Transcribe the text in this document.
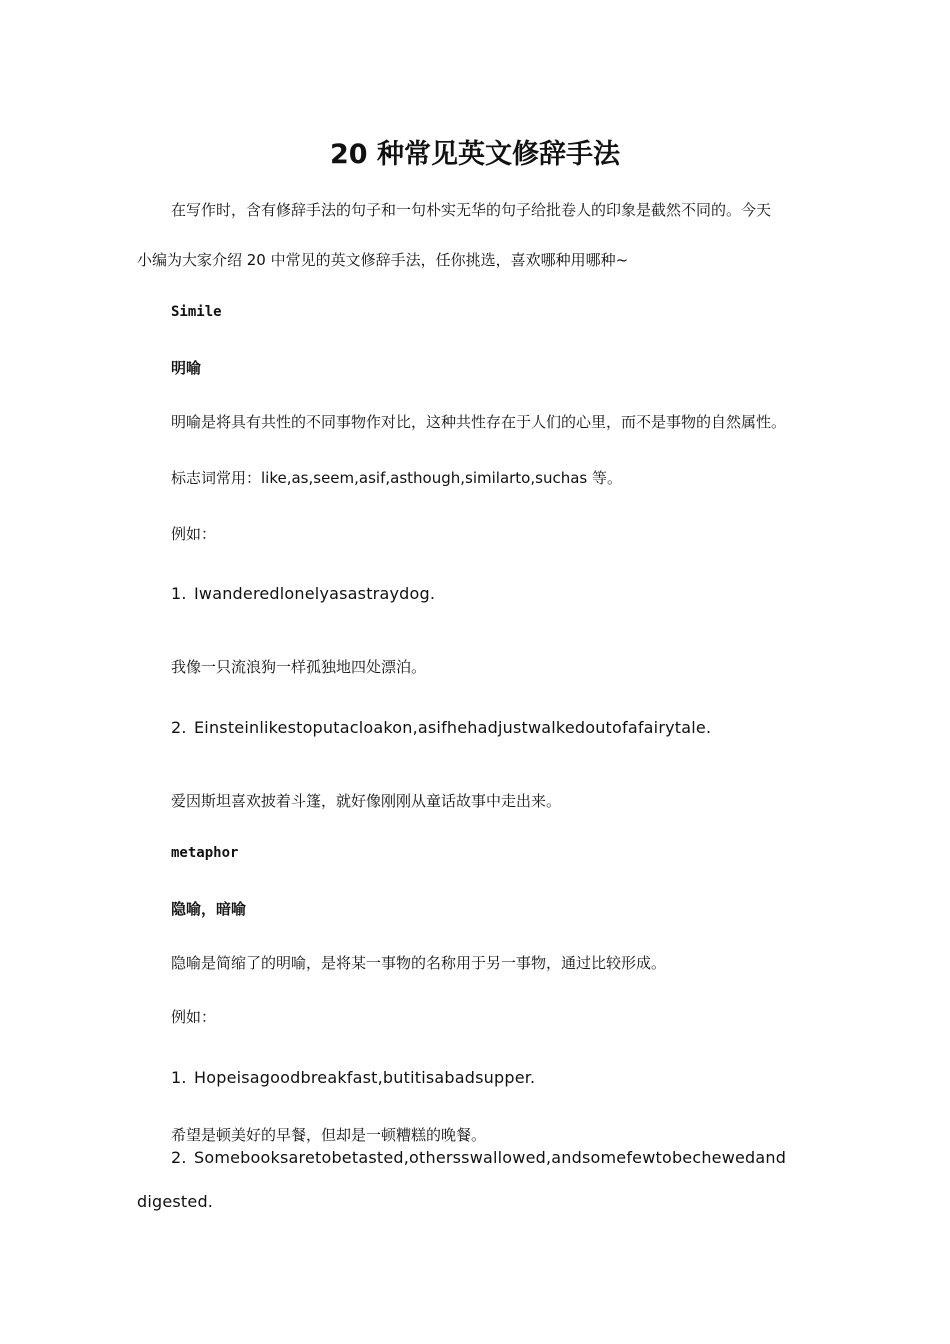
20 种常见英文修辞手法
在写作时，含有修辞手法的句子和一句朴实无华的句子给批卷人的印象是截然不同的。今天
小编为大家介绍 20 中常见的英文修辞手法，任你挑选，喜欢哪种用哪种~
Simile
明喻
明喻是将具有共性的不同事物作对比，这种共性存在于人们的心里，而不是事物的自然属性。
标志词常用：like,as,seem,asif,asthough,similarto,suchas 等。
例如：
1. Iwanderedlonelyasastraydog.
我像一只流浪狗一样孤独地四处漂泊。
2. Einsteinlikestoputacloakon,asifhehadjustwalkedoutofafairytale.
爱因斯坦喜欢披着斗篷，就好像刚刚从童话故事中走出来。
metaphor
隐喻，暗喻
隐喻是简缩了的明喻，是将某一事物的名称用于另一事物，通过比较形成。
例如：
1. Hopeisagoodbreakfast,butitisabadsupper.
希望是顿美好的早餐，但却是一顿糟糕的晚餐。
2. Somebooksaretobetasted,othersswallowed,andsomefewtobechewedand
digested.
